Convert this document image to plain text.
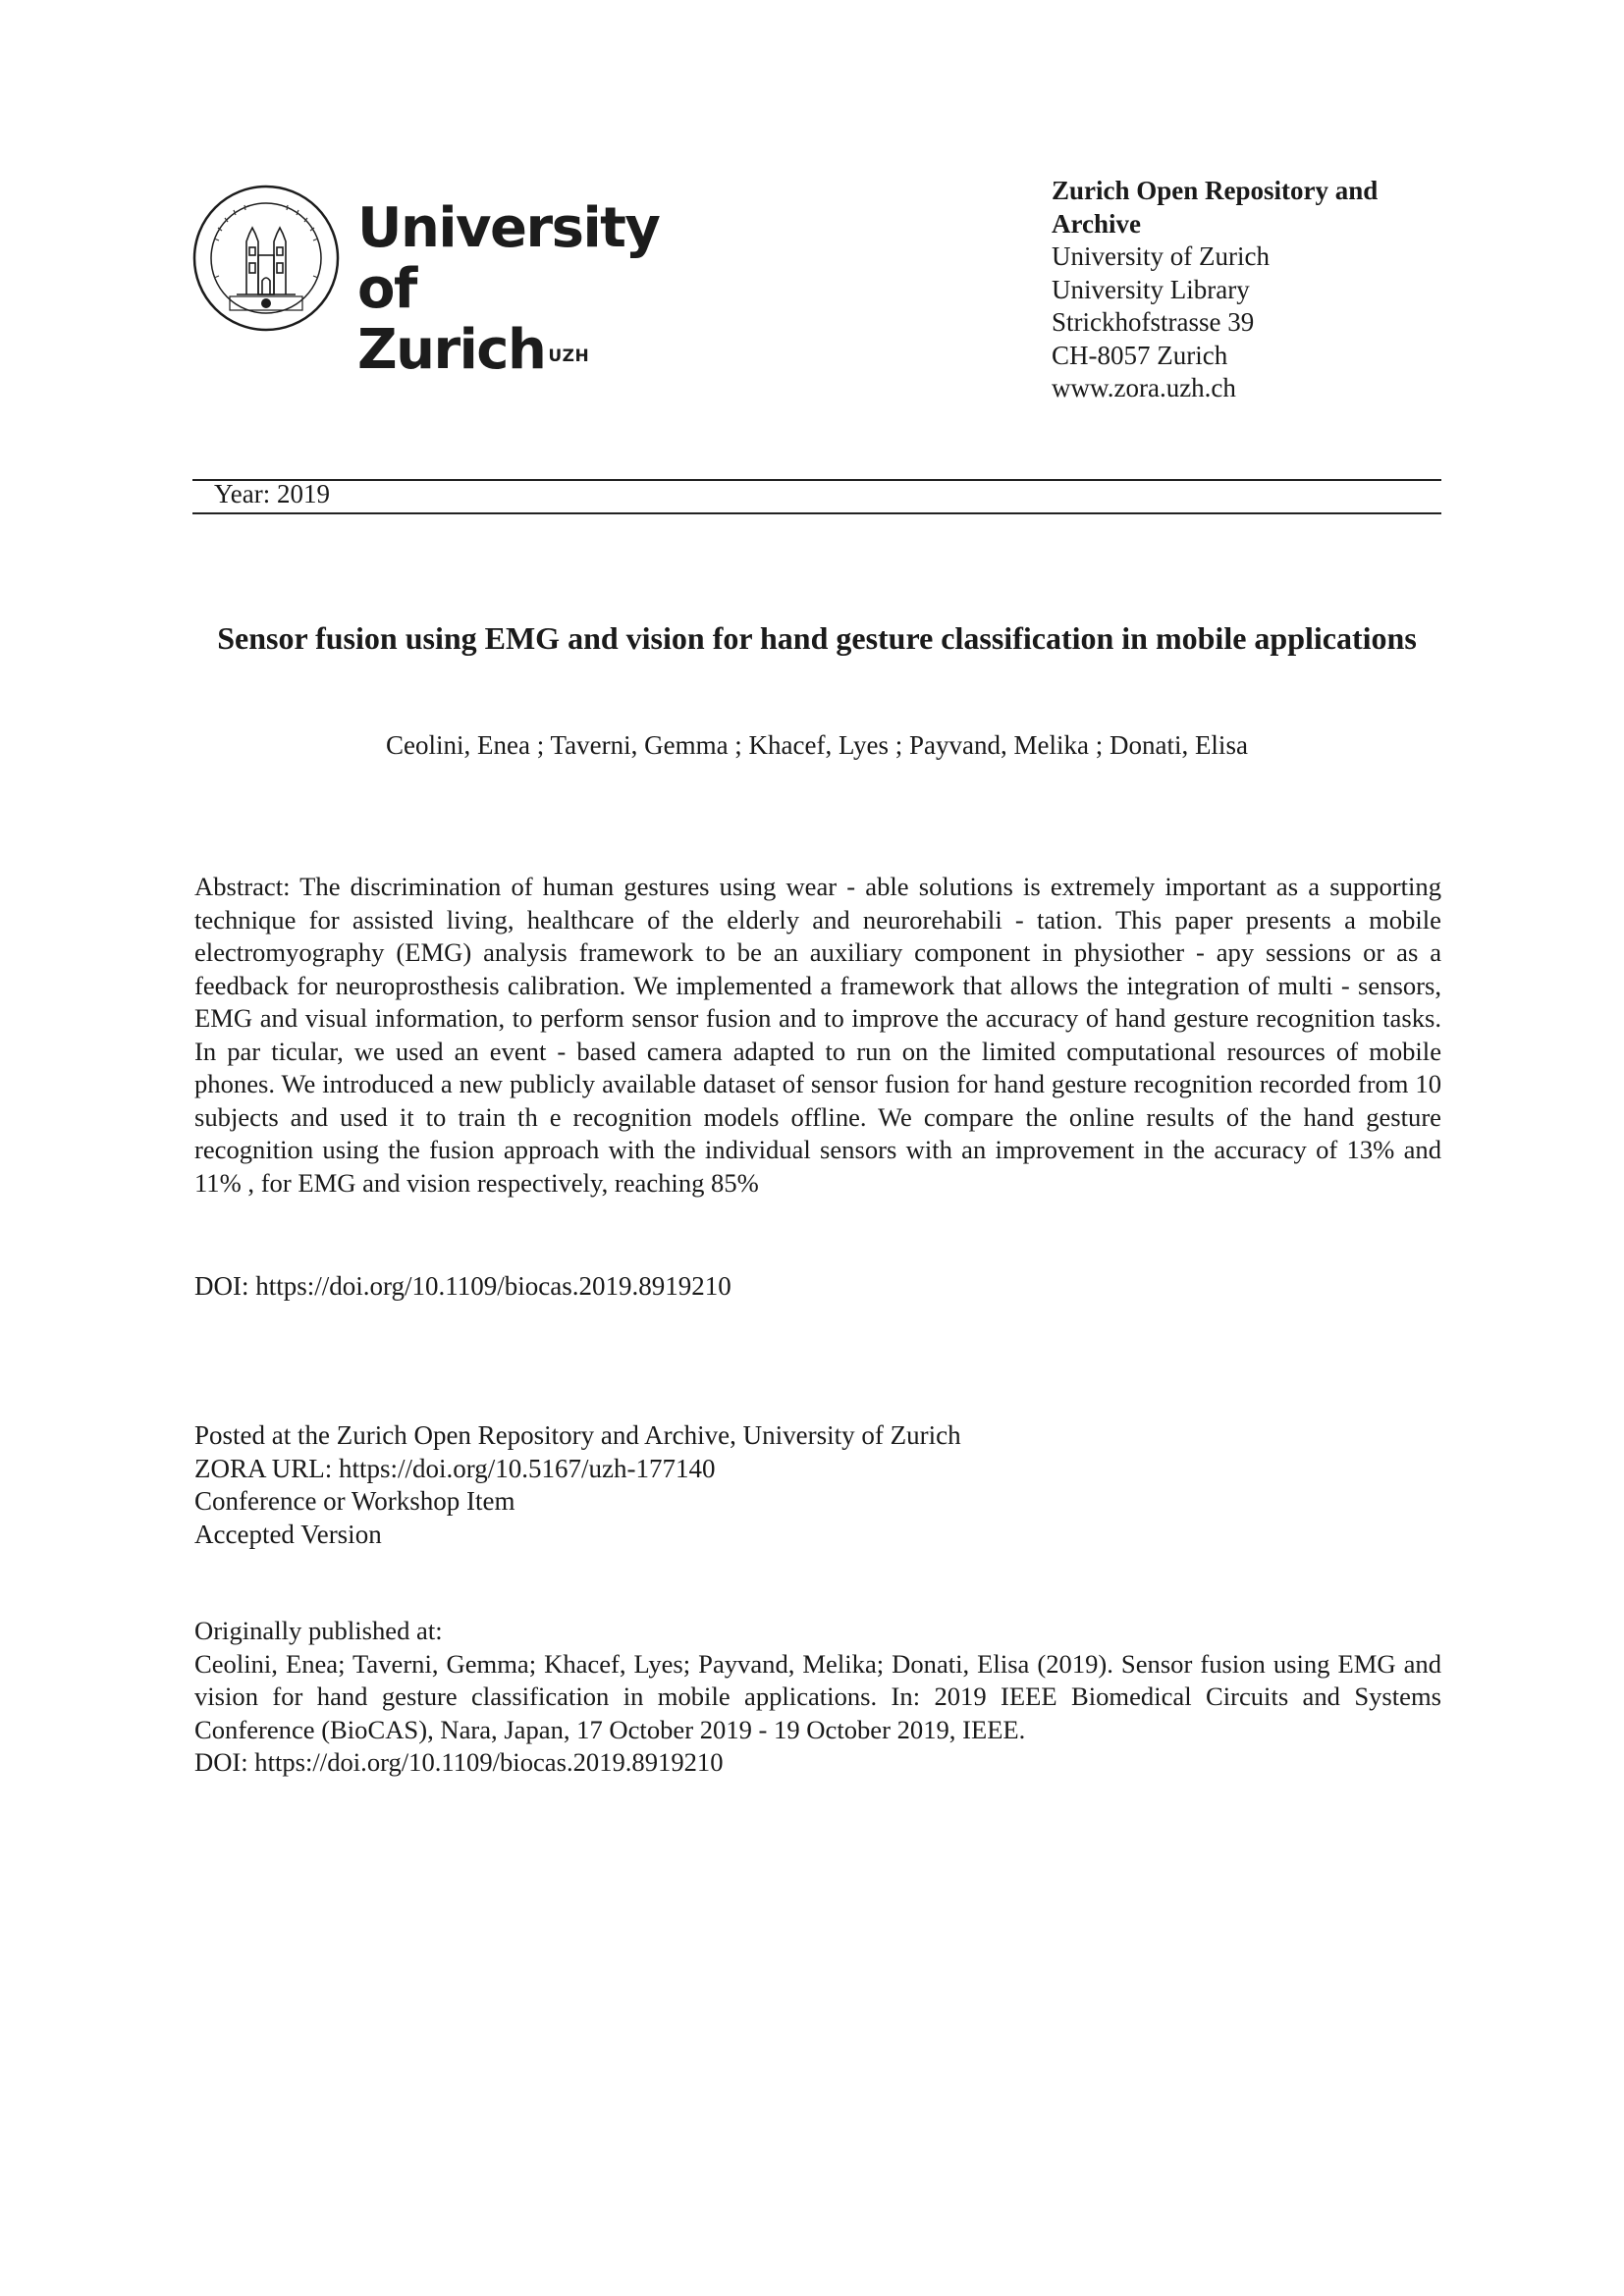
University of
Zurich $^{UZH}$
Zurich Open Repository and Archive
University of Zurich
University Library
Strickhofstrasse 39
CH-8057 Zurich
www.zora.uzh.ch
Year: 2019
Sensor fusion using EMG and vision for hand gesture classification in mobile applications
Ceolini, Enea ; Taverni, Gemma ; Khacef, Lyes ; Payvand, Melika ; Donati, Elisa
Abstract: The discrimination of human gestures using wear - able solutions is extremely important as a supporting technique for assisted living, healthcare of the elderly and neurorehabili - tation. This paper presents a mobile electromyography (EMG) analysis framework to be an auxiliary component in physiother - apy sessions or as a feedback for neuroprosthesis calibration. We implemented a framework that allows the integration of multi - sensors, EMG and visual information, to perform sensor fusion and to improve the accuracy of hand gesture recognition tasks. In par ticular, we used an event - based camera adapted to run on the limited computational resources of mobile phones. We introduced a new publicly available dataset of sensor fusion for hand gesture recognition recorded from 10 subjects and used it to train th e recognition models offline. We compare the online results of the hand gesture recognition using the fusion approach with the individual sensors with an improvement in the accuracy of 13% and 11% , for EMG and vision respectively, reaching 85%
DOI: https://doi.org/10.1109/biocas.2019.8919210
Posted at the Zurich Open Repository and Archive, University of Zurich
ZORA URL: https://doi.org/10.5167/uzh-177140
Conference or Workshop Item
Accepted Version
Originally published at:
Ceolini, Enea; Taverni, Gemma; Khacef, Lyes; Payvand, Melika; Donati, Elisa (2019). Sensor fusion using EMG and vision for hand gesture classification in mobile applications. In: 2019 IEEE Biomedical Circuits and Systems Conference (BioCAS), Nara, Japan, 17 October 2019 - 19 October 2019, IEEE.
DOI: https://doi.org/10.1109/biocas.2019.8919210
